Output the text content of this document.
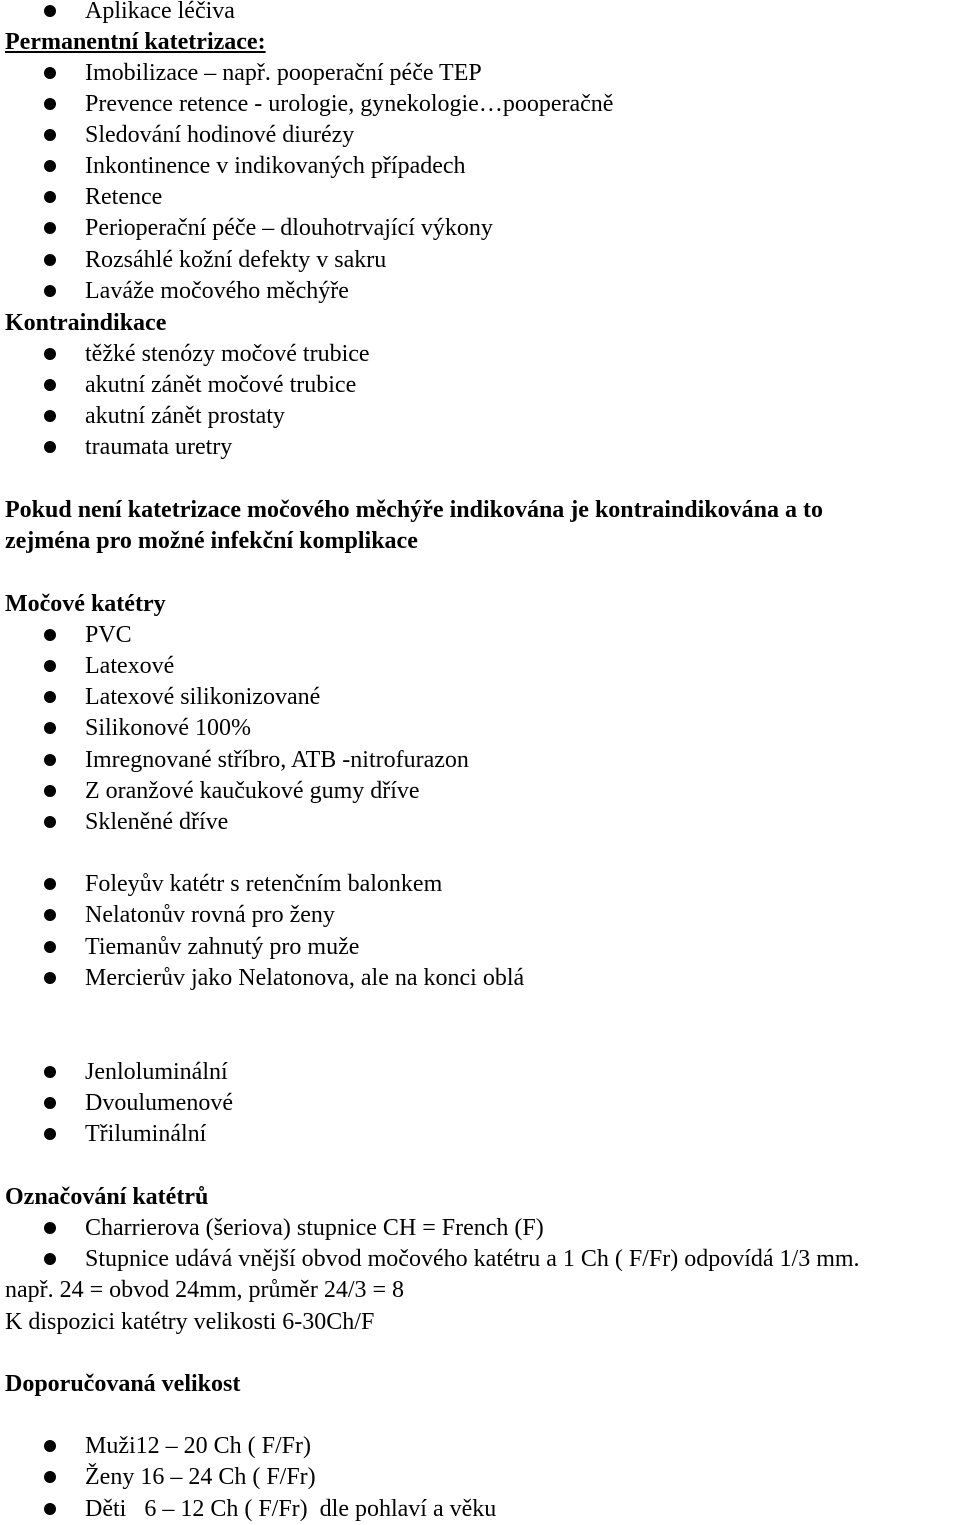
Aplikace léčiva
Permanentní katetrizace:
Imobilizace – např. pooperační péče TEP
Prevence retence - urologie, gynekologie…pooperačně
Sledování hodinové diurézy
Inkontinence v indikovaných případech
Retence
Perioperační péče – dlouhotrvající výkony
Rozsáhlé kožní defekty v sakru
Laváže močového měchýře
Kontraindikace
těžké stenózy močové trubice
akutní zánět močové trubice
akutní zánět prostaty
traumata uretry
Pokud není katetrizace močového měchýře indikována je kontraindikována a to
zejména pro možné infekční komplikace
Močové katétry
PVC
Latexové
Latexové silikonizované
Silikonové 100%
Imregnované stříbro, ATB -nitrofurazon
Z oranžové kaučukové gumy dříve
Skleněné dříve
Foleyův katétr s retenčním balonkem
Nelatonův rovná pro ženy
Tiemanův zahnutý pro muže
Mercierův jako Nelatonova, ale na konci oblá
Jenloluminální
Dvoulumenové
Třiluminální
Označování katétrů
Charrierova (šeriova) stupnice CH = French (F)
Stupnice udává vnější obvod močového katétru a 1 Ch ( F/Fr) odpovídá 1/3 mm.
např. 24 = obvod 24mm, průměr 24/3 = 8
K dispozici katétry velikosti 6-30Ch/F
Doporučovaná velikost
Muži12 – 20 Ch ( F/Fr)
Ženy 16 – 24 Ch ( F/Fr)
Děti   6 – 12 Ch ( F/Fr)  dle pohlaví a věku
